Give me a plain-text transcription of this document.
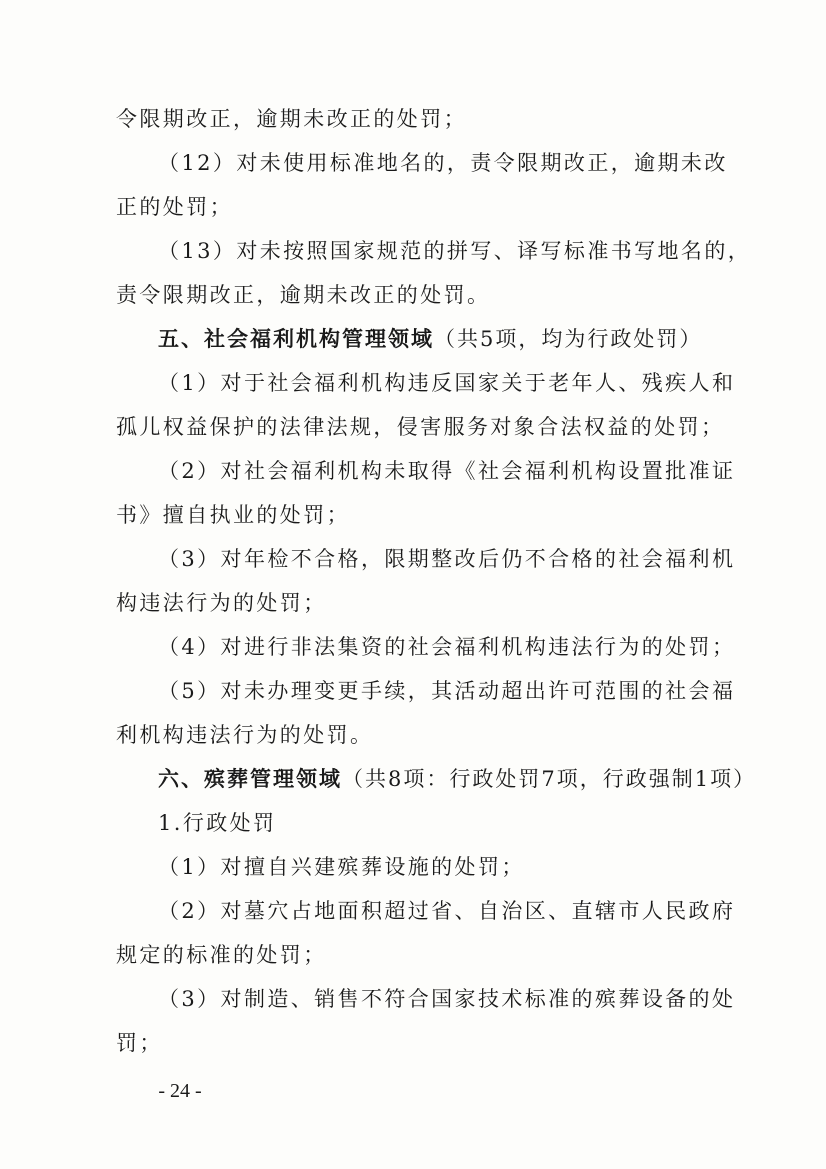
令限期改正，逾期未改正的处罚；
（12）对未使用标准地名的，责令限期改正，逾期未改
正的处罚；
（13）对未按照国家规范的拼写、译写标准书写地名的，
责令限期改正，逾期未改正的处罚。
五、社会福利机构管理领域（共5项，均为行政处罚）
（1）对于社会福利机构违反国家关于老年人、残疾人和
孤儿权益保护的法律法规，侵害服务对象合法权益的处罚；
（2）对社会福利机构未取得《社会福利机构设置批准证
书》擅自执业的处罚；
（3）对年检不合格，限期整改后仍不合格的社会福利机
构违法行为的处罚；
（4）对进行非法集资的社会福利机构违法行为的处罚；
（5）对未办理变更手续，其活动超出许可范围的社会福
利机构违法行为的处罚。
六、殡葬管理领域（共8项：行政处罚7项，行政强制1项）
1.行政处罚
（1）对擅自兴建殡葬设施的处罚；
（2）对墓穴占地面积超过省、自治区、直辖市人民政府
规定的标准的处罚；
（3）对制造、销售不符合国家技术标准的殡葬设备的处
罚；
- 24 -
